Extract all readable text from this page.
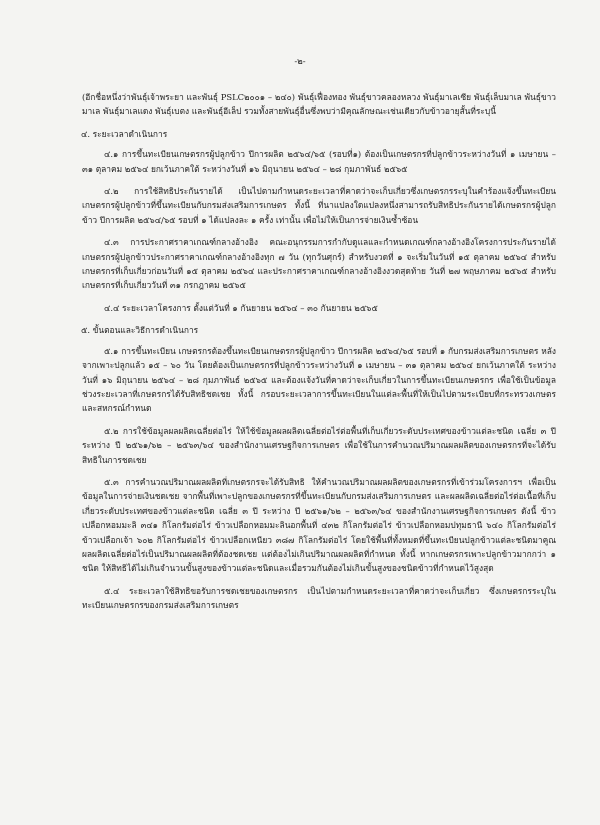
-๒-

(อีกชื่อหนึ่งว่าพันธุ์เจ้าพระยา และพันธุ์ PSLC๒๐๐๑ – ๒๔๐) พันธุ์เฟื่องทอง พันธุ์ขาวคลองหลวง พันธุ์มาเลเซีย พันธุ์เล็บมาเล พันธุ์ขาวมาเล พันธุ์มาเลแดง พันธุ์เบตง และพันธุ์อีเล็ป รวมทั้งสายพันธุ์อื่นซึ่งพบว่ามีคุณลักษณะเช่นเดียวกับข้าวอายุสั้นที่ระบุนี้

๔. ระยะเวลาดำเนินการ

๔.๑ การขึ้นทะเบียนเกษตรกรผู้ปลูกข้าว ปีการผลิต ๒๕๖๔/๖๕ (รอบที่๑) ต้องเป็นเกษตรกรที่ปลูกข้าวระหว่างวันที่ ๑ เมษายน – ๓๑ ตุลาคม ๒๕๖๔ ยกเว้นภาคใต้ ระหว่างวันที่ ๑๖ มิถุนายน ๒๕๖๔ – ๒๘ กุมภาพันธ์ ๒๕๖๕

๔.๒ การใช้สิทธิประกันรายได้ เป็นไปตามกำหนดระยะเวลาที่คาดว่าจะเก็บเกี่ยวซึ่งเกษตรกรระบุในคำร้องแจ้งขึ้นทะเบียนเกษตรกรผู้ปลูกข้าวที่ขึ้นทะเบียนกับกรมส่งเสริมการเกษตร ทั้งนี้ ที่นาแปลงใดแปลงหนึ่งสามารถรับสิทธิประกันรายได้เกษตรกรผู้ปลูกข้าว ปีการผลิต ๒๕๖๔/๖๕ รอบที่ ๑ ได้แปลงละ ๑ ครั้ง เท่านั้น เพื่อไม่ให้เป็นการจ่ายเงินซ้ำซ้อน

๔.๓ การประกาศราคาเกณฑ์กลางอ้างอิง คณะอนุกรรมการกำกับดูแลและกำหนดเกณฑ์กลางอ้างอิงโครงการประกันรายได้เกษตรกรผู้ปลูกข้าวประกาศราคาเกณฑ์กลางอ้างอิงทุก ๗ วัน (ทุกวันศุกร์) สำหรับงวดที่ ๑ จะเริ่มในวันที่ ๑๕ ตุลาคม ๒๕๖๔ สำหรับเกษตรกรที่เก็บเกี่ยวก่อนวันที่ ๑๕ ตุลาคม ๒๕๖๔ และประกาศราคาเกณฑ์กลางอ้างอิงงวดสุดท้าย วันที่ ๒๗ พฤษภาคม ๒๕๖๕ สำหรับเกษตรกรที่เก็บเกี่ยววันที่ ๓๑ กรกฎาคม ๒๕๖๕

๔.๔ ระยะเวลาโครงการ ตั้งแต่วันที่ ๑ กันยายน ๒๕๖๔ – ๓๐ กันยายน ๒๕๖๕

๕. ขั้นตอนและวิธีการดำเนินการ

๕.๑ การขึ้นทะเบียน เกษตรกรต้องขึ้นทะเบียนเกษตรกรผู้ปลูกข้าว ปีการผลิต ๒๕๖๔/๖๕ รอบที่ ๑ กับกรมส่งเสริมการเกษตร หลังจากเพาะปลูกแล้ว ๑๕ – ๖๐ วัน โดยต้องเป็นเกษตรกรที่ปลูกข้าวระหว่างวันที่ ๑ เมษายน – ๓๑ ตุลาคม ๒๕๖๔ ยกเว้นภาคใต้ ระหว่างวันที่ ๑๖ มิถุนายน ๒๕๖๔ – ๒๘ กุมภาพันธ์ ๒๕๖๕ และต้องแจ้งวันที่คาดว่าจะเก็บเกี่ยวในการขึ้นทะเบียนเกษตรกร เพื่อใช้เป็นข้อมูลช่วงระยะเวลาที่เกษตรกรได้รับสิทธิชดเชย ทั้งนี้ กรอบระยะเวลาการขึ้นทะเบียนในแต่ละพื้นที่ให้เป็นไปตามระเบียบที่กระทรวงเกษตรและสหกรณ์กำหนด

๕.๒ การใช้ข้อมูลผลผลิตเฉลี่ยต่อไร่ ให้ใช้ข้อมูลผลผลิตเฉลี่ยต่อไร่ต่อพื้นที่เก็บเกี่ยวระดับประเทศของข้าวแต่ละชนิด เฉลี่ย ๓ ปี ระหว่าง ปี ๒๕๖๑/๖๒ – ๒๕๖๓/๖๔ ของสำนักงานเศรษฐกิจการเกษตร เพื่อใช้ในการคำนวณปริมาณผลผลิตของเกษตรกรที่จะได้รับสิทธิในการชดเชย

๕.๓ การคำนวณปริมาณผลผลิตที่เกษตรกรจะได้รับสิทธิ ให้คำนวณปริมาณผลผลิตของเกษตรกรที่เข้าร่วมโครงการฯ เพื่อเป็นข้อมูลในการจ่ายเงินชดเชย จากพื้นที่เพาะปลูกของเกษตรกรที่ขึ้นทะเบียนกับกรมส่งเสริมการเกษตร และผลผลิตเฉลี่ยต่อไร่ต่อเนื้อที่เก็บเกี่ยวระดับประเทศของข้าวแต่ละชนิด เฉลี่ย ๓ ปี ระหว่าง ปี ๒๕๖๑/๖๒ – ๒๕๖๓/๖๔ ของสำนักงานเศรษฐกิจการเกษตร ดังนี้ ข้าวเปลือกหอมมะลิ ๓๔๑ กิโลกรัมต่อไร่ ข้าวเปลือกหอมมะลินอกพื้นที่ ๔๓๒ กิโลกรัมต่อไร่ ข้าวเปลือกหอมปทุมธานี ๖๔๐ กิโลกรัมต่อไร่ ข้าวเปลือกเจ้า ๖๐๒ กิโลกรัมต่อไร่ ข้าวเปลือกเหนียว ๓๘๗ กิโลกรัมต่อไร่ โดยใช้พื้นที่ทั้งหมดที่ขึ้นทะเบียนปลูกข้าวแต่ละชนิดมาคูณผลผลิตเฉลี่ยต่อไร่เป็นปริมาณผลผลิตที่ต้องชดเชย แต่ต้องไม่เกินปริมาณผลผลิตที่กำหนด ทั้งนี้ หากเกษตรกรเพาะปลูกข้าวมากกว่า ๑ ชนิด ให้สิทธิได้ไม่เกินจำนวนขั้นสูงของข้าวแต่ละชนิดและเมื่อรวมกันต้องไม่เกินขั้นสูงของชนิดข้าวที่กำหนดไว้สูงสุด

๕.๔ ระยะเวลาใช้สิทธิขอรับการชดเชยของเกษตรกร เป็นไปตามกำหนดระยะเวลาที่คาดว่าจะเก็บเกี่ยว ซึ่งเกษตรกรระบุในทะเบียนเกษตรกรของกรมส่งเสริมการเกษตร
